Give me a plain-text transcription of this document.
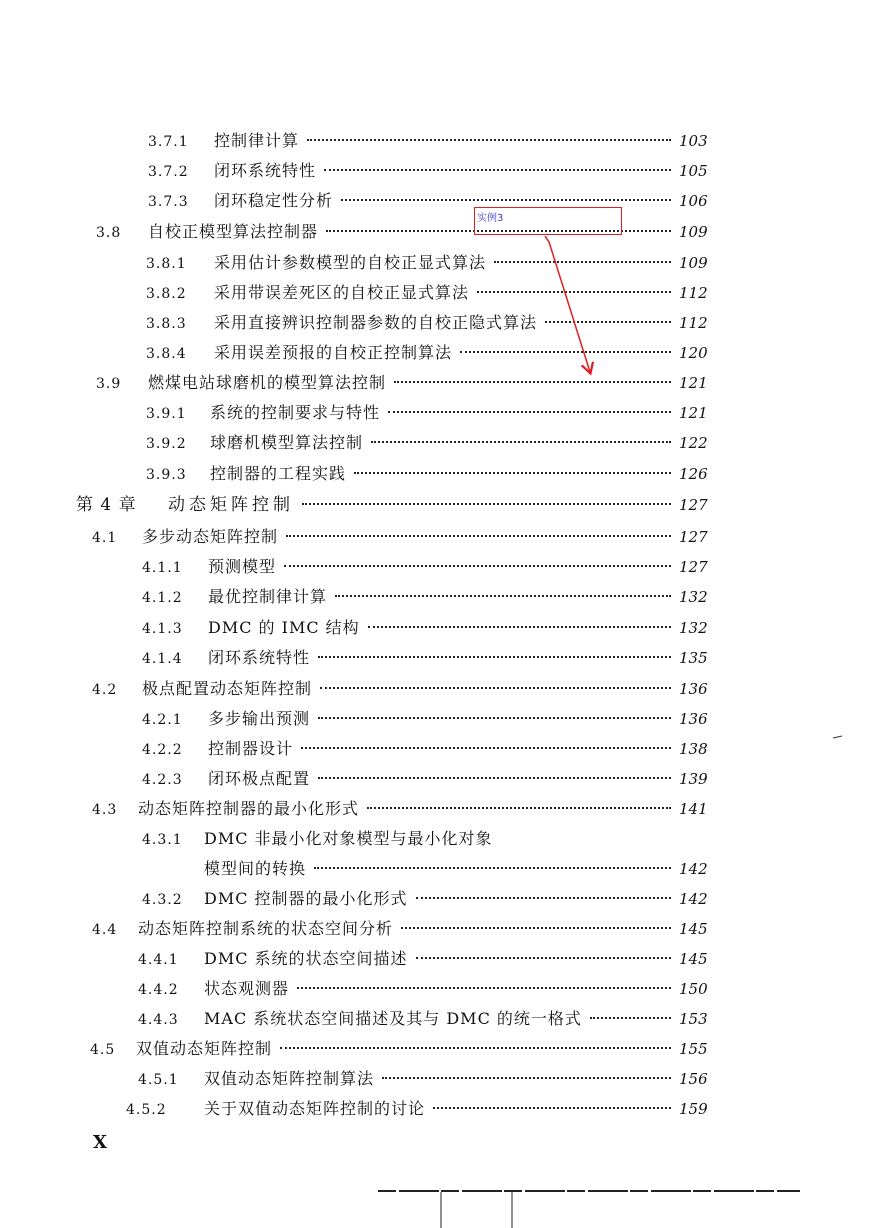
3.7.1	控制律计算	103
3.7.2	闭环系统特性	105
3.7.3	闭环稳定性分析	106
3.8	自校正模型算法控制器	109
3.8.1	采用估计参数模型的自校正显式算法	109
3.8.2	采用带误差死区的自校正显式算法	112
3.8.3	采用直接辨识控制器参数的自校正隐式算法	112
3.8.4	采用误差预报的自校正控制算法	120
3.9	燃煤电站球磨机的模型算法控制	121
3.9.1	系统的控制要求与特性	121
3.9.2	球磨机模型算法控制	122
3.9.3	控制器的工程实践	126
第 4 章	动态矩阵控制	127
4.1	多步动态矩阵控制	127
4.1.1	预测模型	127
4.1.2	最优控制律计算	132
4.1.3	DMC 的 IMC 结构	132
4.1.4	闭环系统特性	135
4.2	极点配置动态矩阵控制	136
4.2.1	多步输出预测	136
4.2.2	控制器设计	138
4.2.3	闭环极点配置	139
4.3	动态矩阵控制器的最小化形式	141
4.3.1	DMC 非最小化对象模型与最小化对象
模型间的转换	142
4.3.2	DMC 控制器的最小化形式	142
4.4	动态矩阵控制系统的状态空间分析	145
4.4.1	DMC 系统的状态空间描述	145
4.4.2	状态观测器	150
4.4.3	MAC 系统状态空间描述及其与 DMC 的统一格式	153
4.5	双值动态矩阵控制	155
4.5.1	双值动态矩阵控制算法	156
4.5.2	关于双值动态矩阵控制的讨论	159
实例3
X
